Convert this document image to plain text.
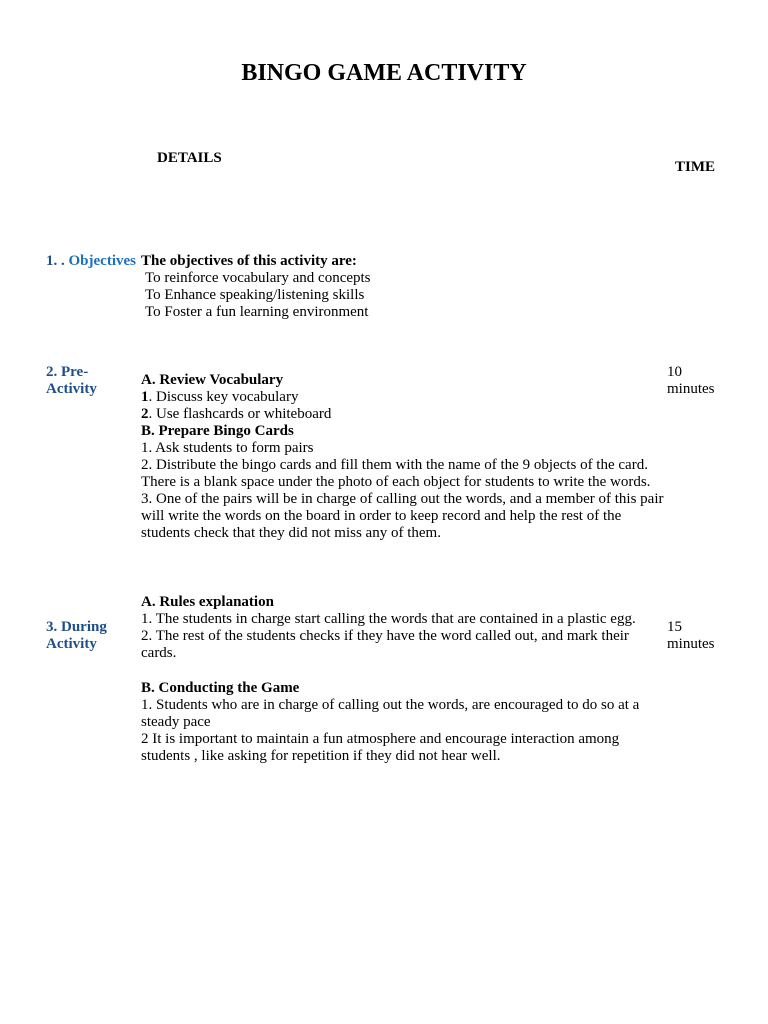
BINGO GAME ACTIVITY
DETAILS
TIME
1. . Objectives The objectives of this activity are:
To reinforce vocabulary and concepts
To Enhance speaking/listening skills
To Foster a fun learning environment
2. Pre-
Activity
10
minutes
A. Review Vocabulary
1. Discuss key vocabulary
2. Use flashcards or whiteboard
B. Prepare Bingo Cards
1. Ask students to form pairs
2. Distribute the bingo cards and fill them with the name of the 9 objects of the card. There is a blank space under the photo of each object for students to write the words.
3. One of the pairs will be in charge of calling out the words, and a member of this pair will write the words on the board in order to keep record and help the rest of the students check that they did not miss any of them.
3. During
Activity
15
minutes
A. Rules explanation
1. The students in charge start calling the words that are contained in a plastic egg.
2. The rest of the students checks if they have the word called out, and mark their cards.
B. Conducting the Game
1. Students who are in charge of calling out the words, are encouraged to do so at a steady pace
2 It is important to maintain a fun atmosphere and encourage interaction among students , like asking for repetition if they did not hear well.
